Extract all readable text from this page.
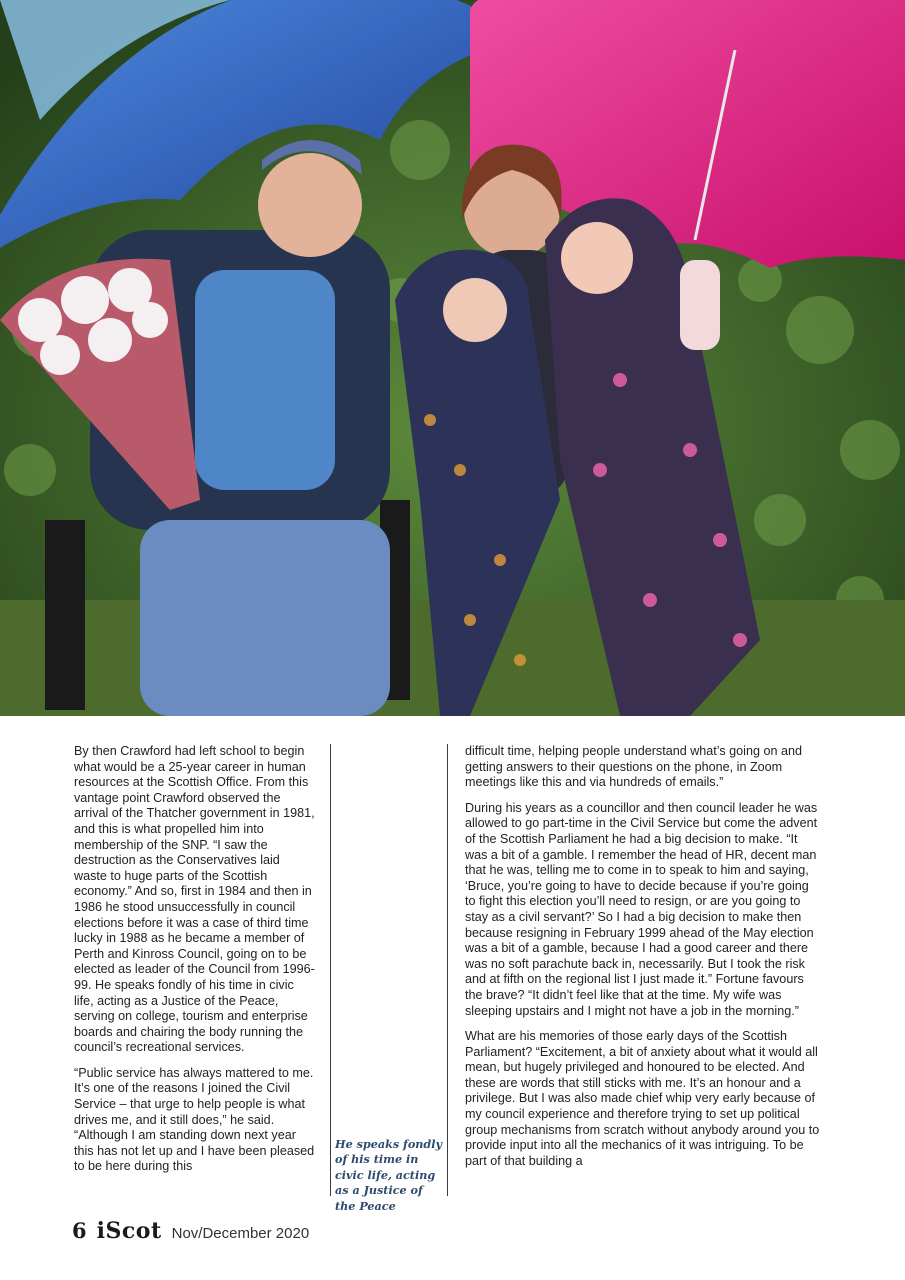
By then Crawford had left school to begin what would be a 25-year career in human resources at the Scottish Office. From this vantage point Crawford observed the arrival of the Thatcher government in 1981, and this is what propelled him into membership of the SNP. “I saw the destruction as the Conservatives laid waste to huge parts of the Scottish economy.” And so, first in 1984 and then in 1986 he stood unsuccessfully in council elections before it was a case of third time lucky in 1988 as he became a member of Perth and Kinross Council, going on to be elected as leader of the Council from 1996-99. He speaks fondly of his time in civic life, acting as a Justice of the Peace, serving on college, tourism and enterprise boards and chairing the body running the council’s recreational services.

“Public service has always mattered to me. It’s one of the reasons I joined the Civil Service – that urge to help people is what drives me, and it still does,” he said. “Although I am standing down next year this has not let up and I have been pleased to be here during this

He speaks fondly of his time in civic life, acting as a Justice of the Peace

difficult time, helping people understand what’s going on and getting answers to their questions on the phone, in Zoom meetings like this and via hundreds of emails.”

During his years as a councillor and then council leader he was allowed to go part-time in the Civil Service but come the advent of the Scottish Parliament he had a big decision to make. “It was a bit of a gamble. I remember the head of HR, decent man that he was, telling me to come in to speak to him and saying, ‘Bruce, you’re going to have to decide because if you’re going to fight this election you’ll need to resign, or are you going to stay as a civil servant?’ So I had a big decision to make then because resigning in February 1999 ahead of the May election was a bit of a gamble, because I had a good career and there was no soft parachute back in, necessarily. But I took the risk and at fifth on the regional list I just made it.” Fortune favours the brave? “It didn’t feel like that at the time. My wife was sleeping upstairs and I might not have a job in the morning.”

What are his memories of those early days of the Scottish Parliament? “Excitement, a bit of anxiety about what it would all mean, but hugely privileged and honoured to be elected. And these are words that still sticks with me. It’s an honour and a privilege. But I was also made chief whip very early because of my council experience and therefore trying to set up political group mechanisms from scratch without anybody around you to provide input into all the mechanics of it was intriguing. To be part of that building a

6 iScot Nov/December 2020
